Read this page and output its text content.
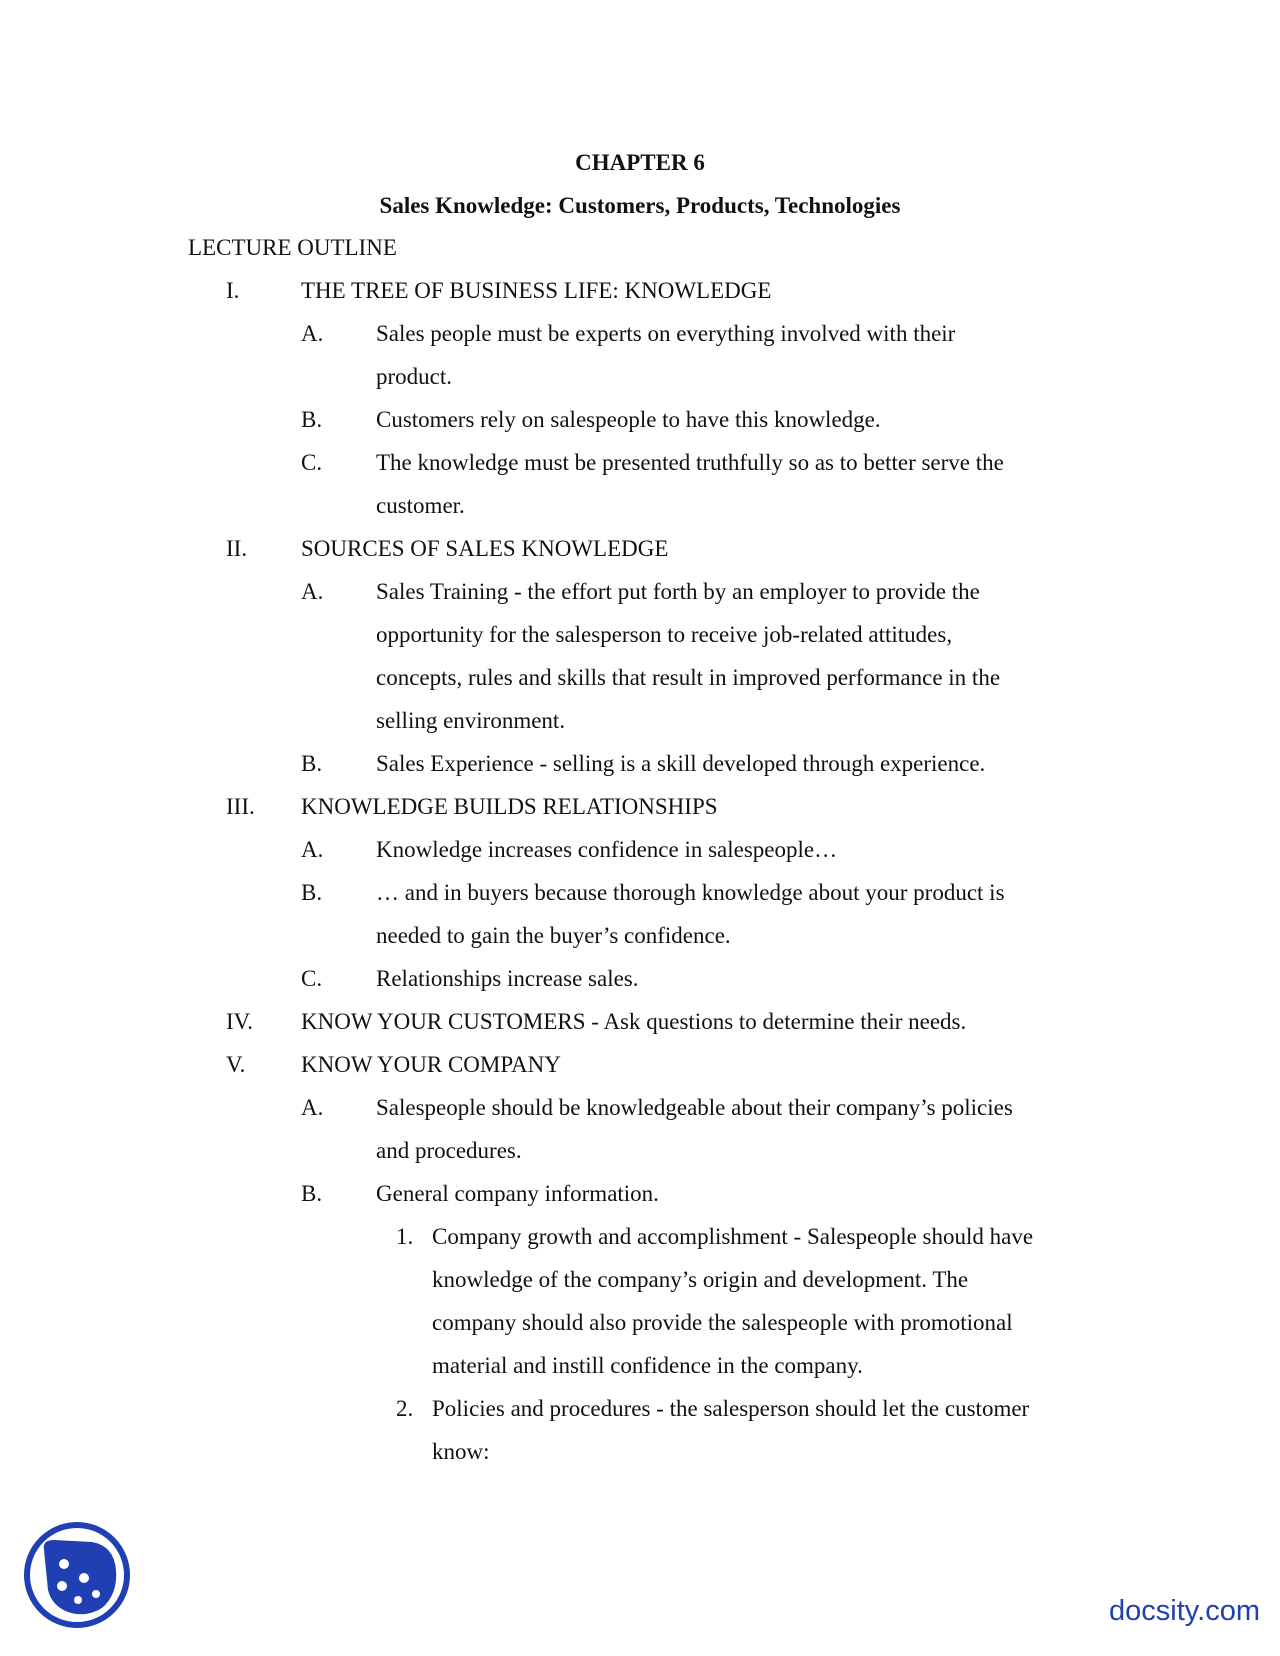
CHAPTER 6
Sales Knowledge: Customers, Products, Technologies
LECTURE OUTLINE
I.	THE TREE OF BUSINESS LIFE: KNOWLEDGE
A. Sales people must be experts on everything involved with their
product.
B. Customers rely on salespeople to have this knowledge.
C. The knowledge must be presented truthfully so as to better serve the
customer.
II. SOURCES OF SALES KNOWLEDGE
A. Sales Training - the effort put forth by an employer to provide the
opportunity for the salesperson to receive job-related attitudes,
concepts, rules and skills that result in improved performance in the
selling environment.
B. Sales Experience - selling is a skill developed through experience.
III. KNOWLEDGE BUILDS RELATIONSHIPS
A. Knowledge increases confidence in salespeople…
B. … and in buyers because thorough knowledge about your product is
needed to gain the buyer’s confidence.
C. Relationships increase sales.
IV. KNOW YOUR CUSTOMERS - Ask questions to determine their needs.
V. KNOW YOUR COMPANY
A. Salespeople should be knowledgeable about their company’s policies
and procedures.
B. General company information.
1. Company growth and accomplishment - Salespeople should have
knowledge of the company’s origin and development. The
company should also provide the salespeople with promotional
material and instill confidence in the company.
2. Policies and procedures - the salesperson should let the customer
know:
docsity.com
